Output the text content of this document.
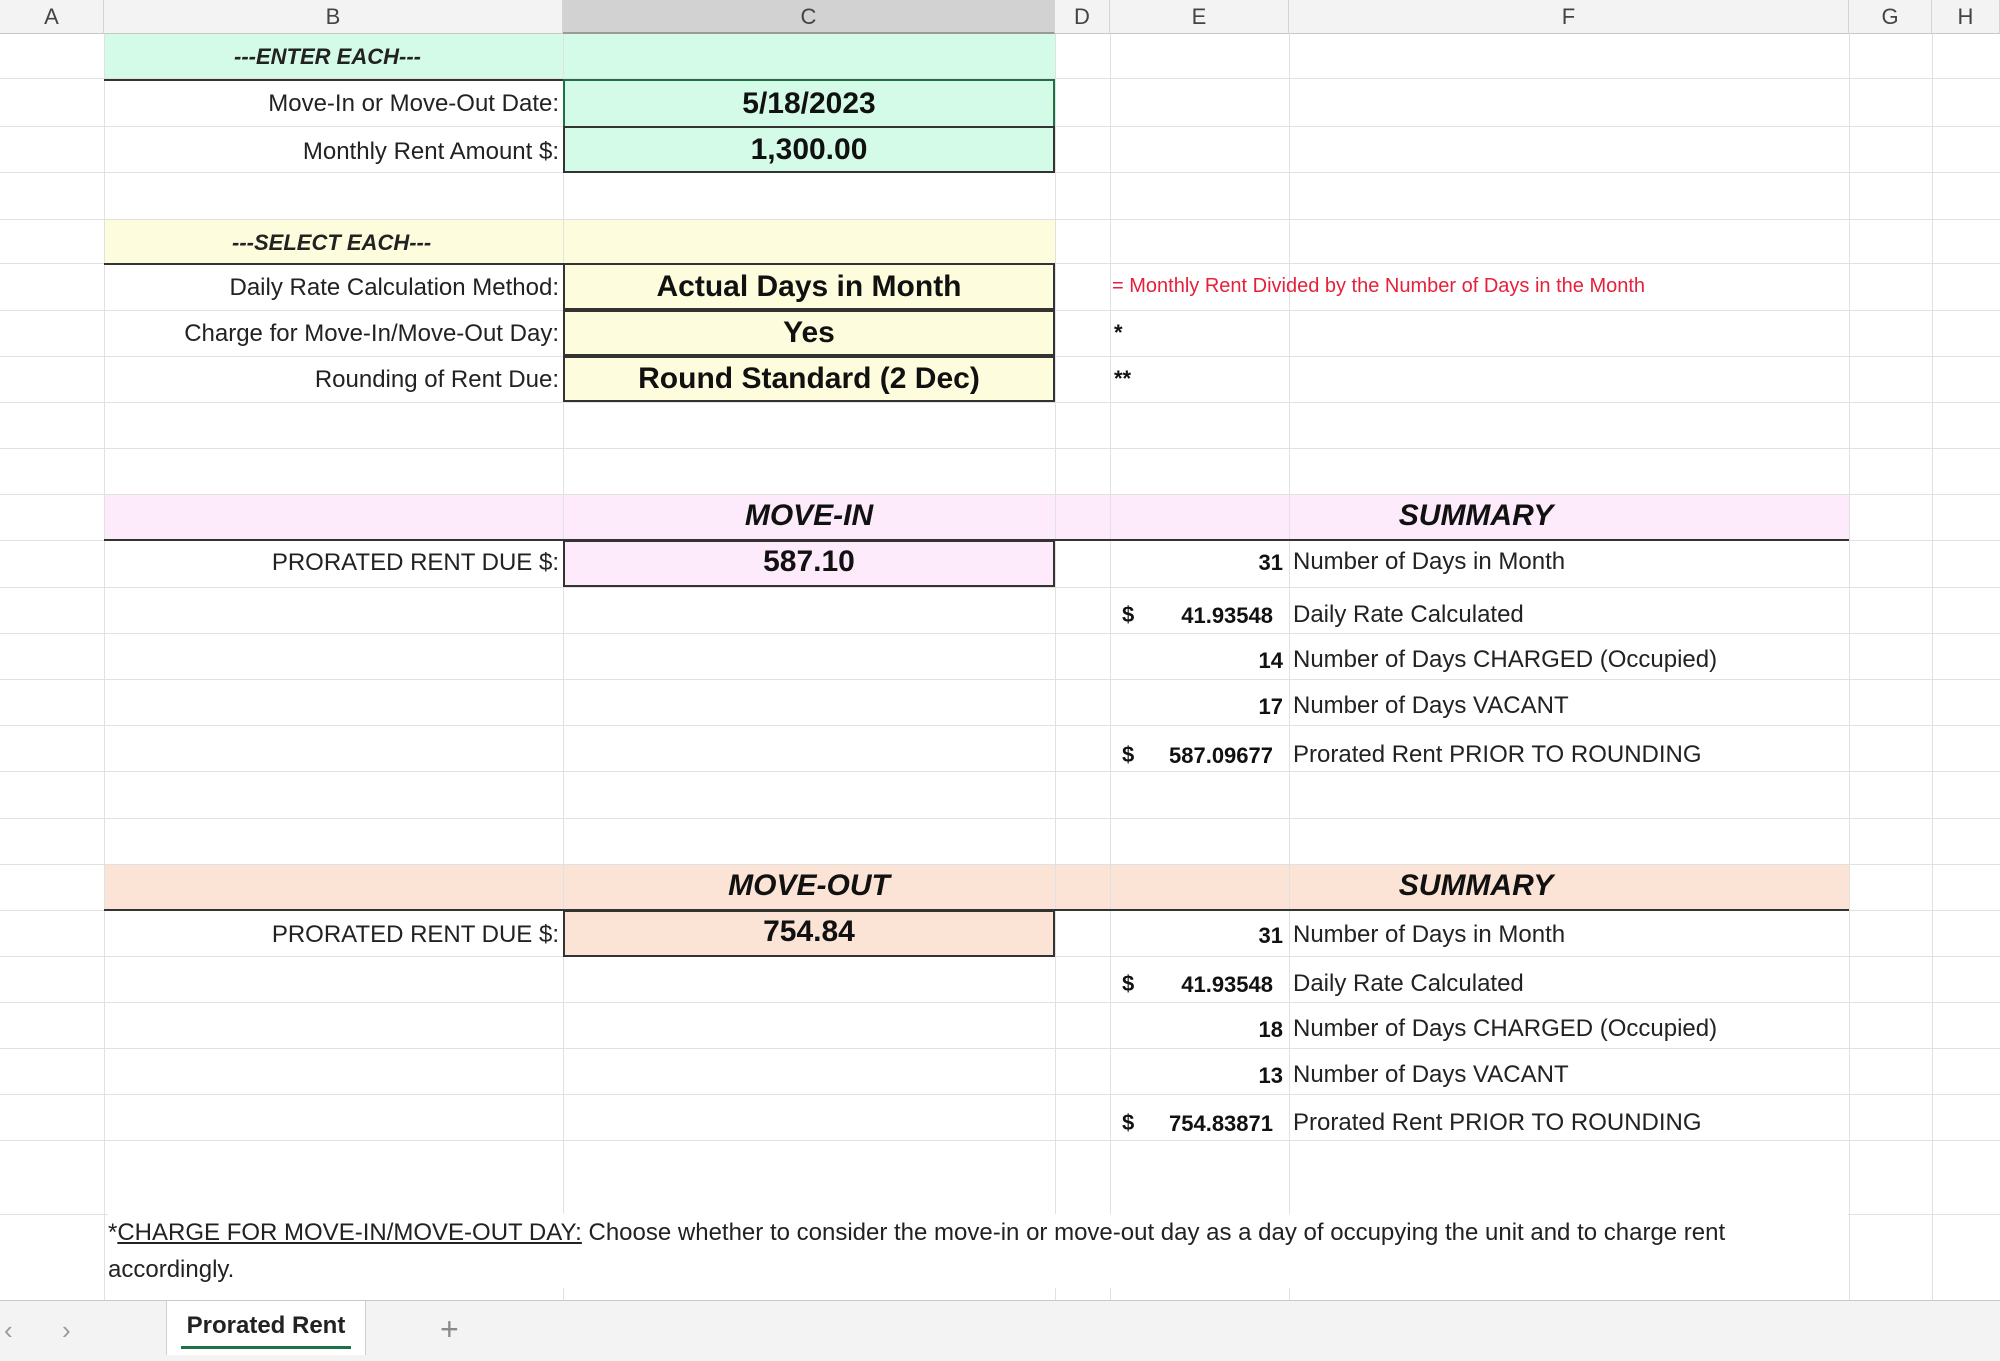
A	B	C	D	E	F	G	H
---ENTER EACH---
Move-In or Move-Out Date:	5/18/2023
Monthly Rent Amount $:	1,300.00
---SELECT EACH---
Daily Rate Calculation Method:	Actual Days in Month	= Monthly Rent Divided by the Number of Days in the Month
Charge for Move-In/Move-Out Day:	Yes	*
Rounding of Rent Due:	Round Standard (2 Dec)	**
MOVE-IN	SUMMARY
PRORATED RENT DUE $:	587.10	31 Number of Days in Month
$	41.93548 Daily Rate Calculated
14 Number of Days CHARGED (Occupied)
17 Number of Days VACANT
$	587.09677 Prorated Rent PRIOR TO ROUNDING
MOVE-OUT	SUMMARY
PRORATED RENT DUE $:	754.84	31 Number of Days in Month
$	41.93548 Daily Rate Calculated
18 Number of Days CHARGED (Occupied)
13 Number of Days VACANT
$	754.83871 Prorated Rent PRIOR TO ROUNDING
*CHARGE FOR MOVE-IN/MOVE-OUT DAY: Choose whether to consider the move-in or move-out day as a day of occupying the unit and to charge rent accordingly.
‹ ›	Prorated Rent	+
